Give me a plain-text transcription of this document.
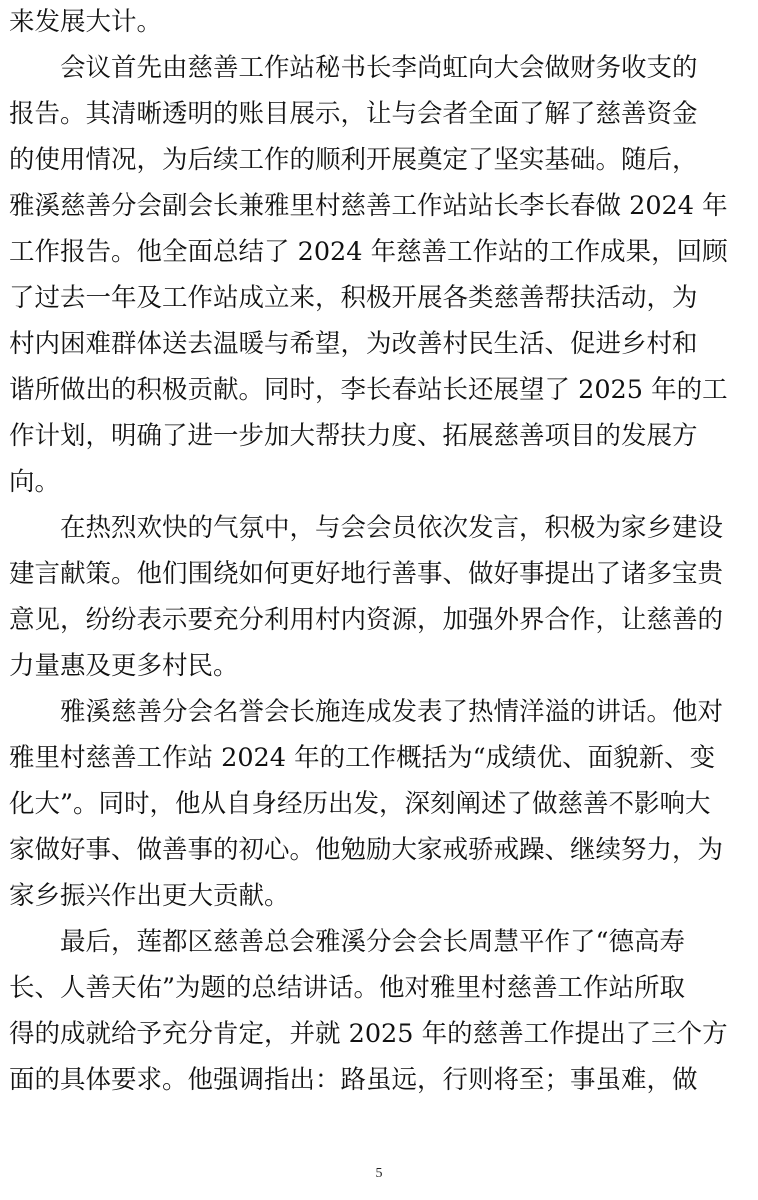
来发展大计。
　　会议首先由慈善工作站秘书长李尚虹向大会做财务收支的
报告。其清晰透明的账目展示，让与会者全面了解了慈善资金
的使用情况，为后续工作的顺利开展奠定了坚实基础。随后，
雅溪慈善分会副会长兼雅里村慈善工作站站长李长春做 2024 年
工作报告。他全面总结了 2024 年慈善工作站的工作成果，回顾
了过去一年及工作站成立来，积极开展各类慈善帮扶活动，为
村内困难群体送去温暖与希望，为改善村民生活、促进乡村和
谐所做出的积极贡献。同时，李长春站长还展望了 2025 年的工
作计划，明确了进一步加大帮扶力度、拓展慈善项目的发展方
向。
　　在热烈欢快的气氛中，与会会员依次发言，积极为家乡建设
建言献策。他们围绕如何更好地行善事、做好事提出了诸多宝贵
意见，纷纷表示要充分利用村内资源，加强外界合作，让慈善的
力量惠及更多村民。
　　雅溪慈善分会名誉会长施连成发表了热情洋溢的讲话。他对
雅里村慈善工作站 2024 年的工作概括为“成绩优、面貌新、变
化大”。同时，他从自身经历出发，深刻阐述了做慈善不影响大
家做好事、做善事的初心。他勉励大家戒骄戒躁、继续努力，为
家乡振兴作出更大贡献。
　　最后，莲都区慈善总会雅溪分会会长周慧平作了“德高寿
长、人善天佑”为题的总结讲话。他对雅里村慈善工作站所取
得的成就给予充分肯定，并就 2025 年的慈善工作提出了三个方
面的具体要求。他强调指出：路虽远，行则将至；事虽难，做
5
